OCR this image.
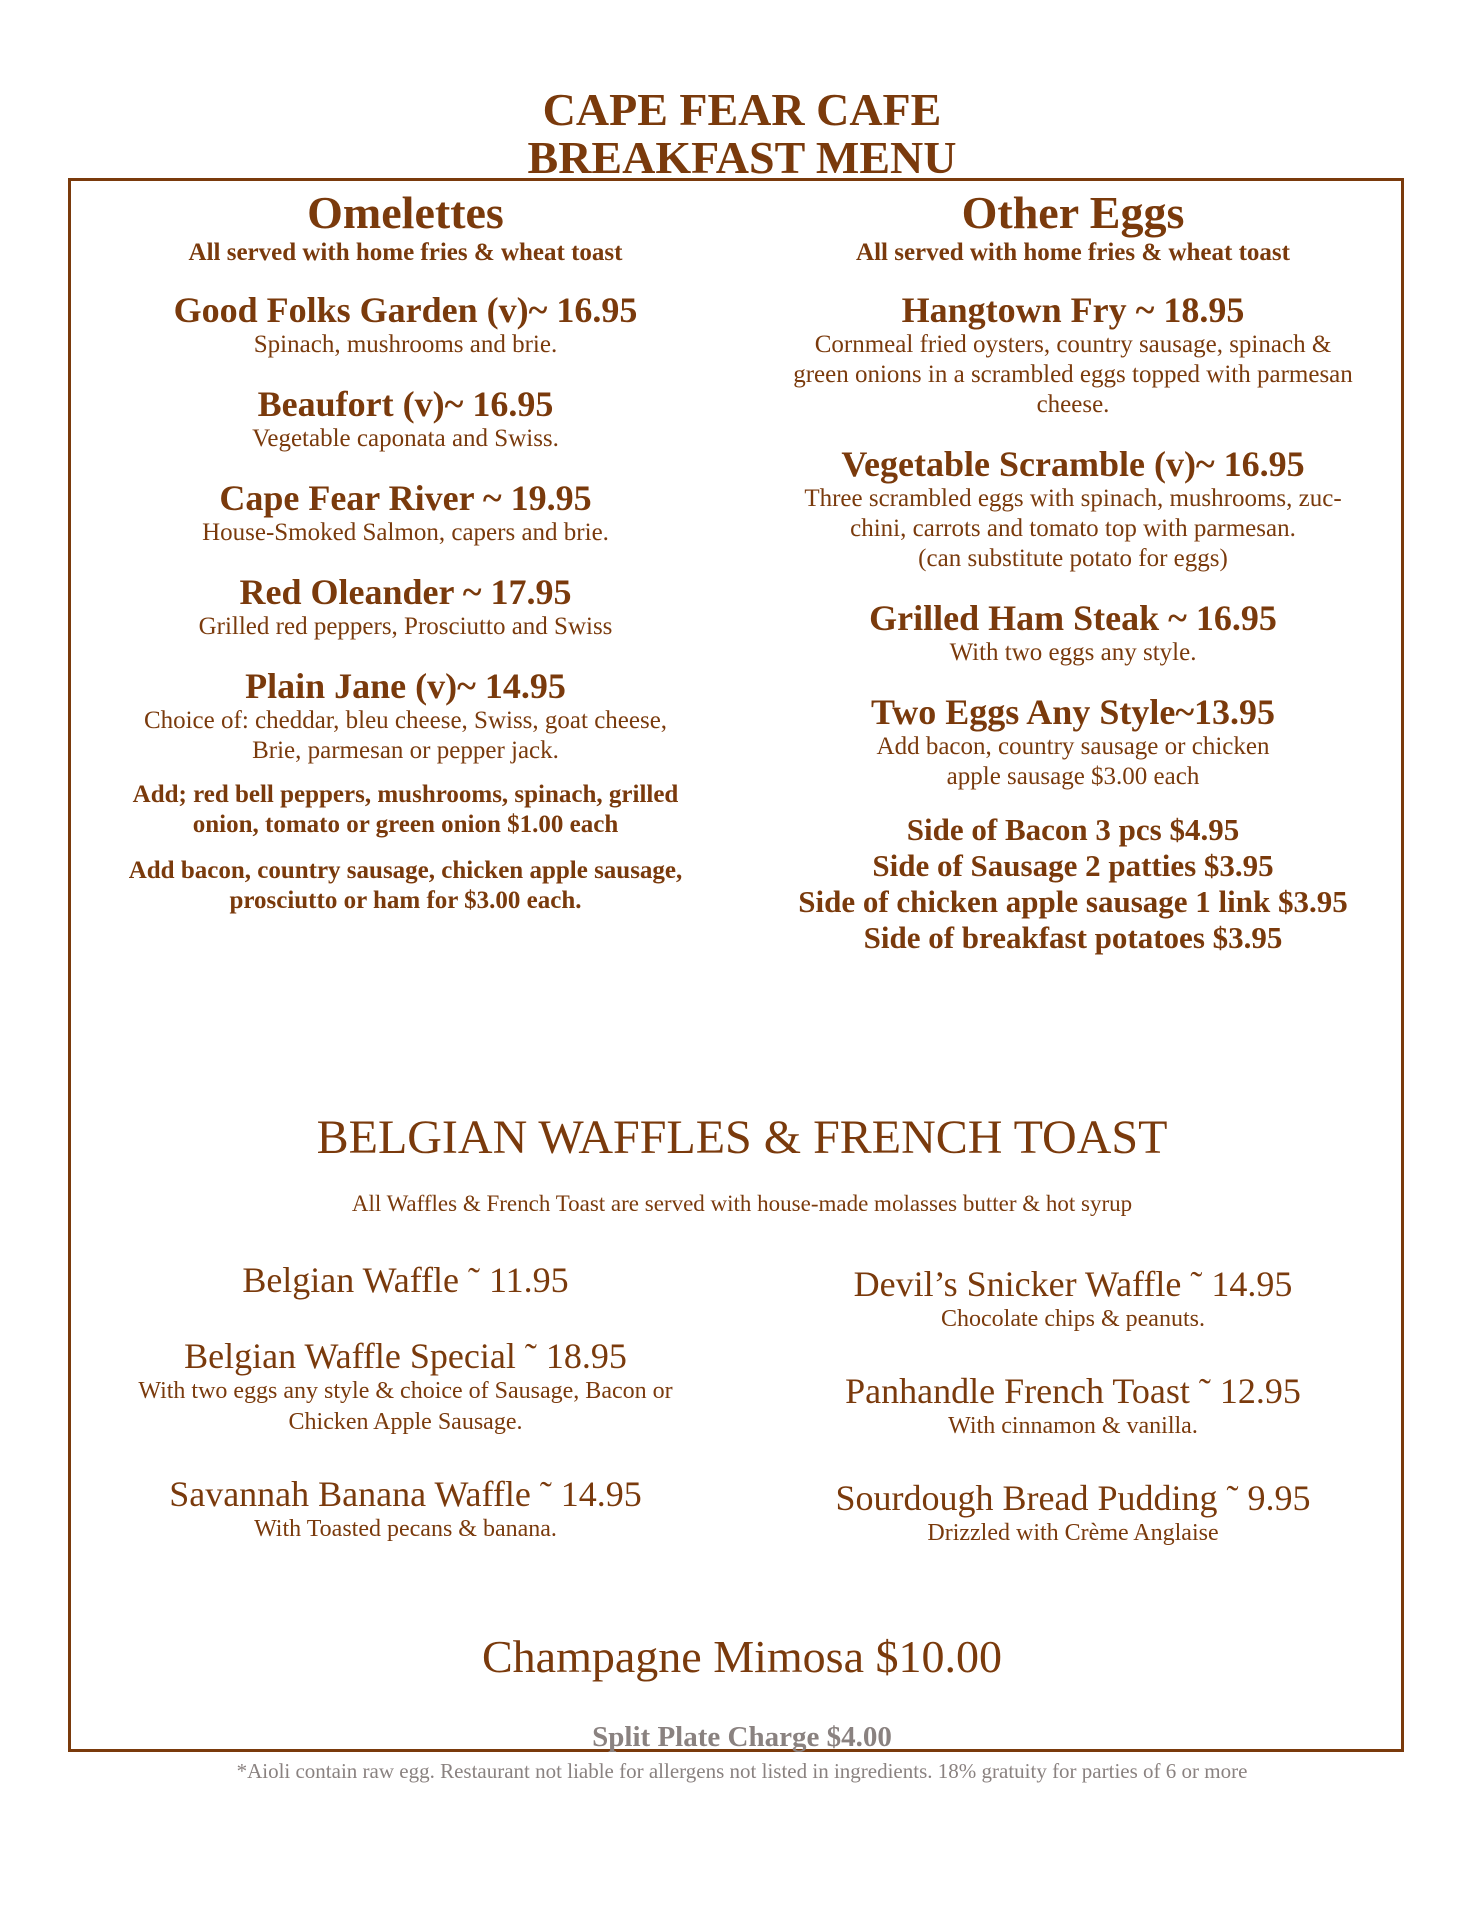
CAPE FEAR CAFE
BREAKFAST MENU
Omelettes
All served with home fries & wheat toast
Good Folks Garden (v)~ 16.95
Spinach, mushrooms and brie.
Beaufort (v)~ 16.95
Vegetable caponata and Swiss.
Cape Fear River ~ 19.95
House-Smoked Salmon, capers and brie.
Red Oleander ~ 17.95
Grilled red peppers, Prosciutto and Swiss
Plain Jane (v)~ 14.95
Choice of: cheddar, bleu cheese, Swiss, goat cheese,
Brie, parmesan or pepper jack.
Add; red bell peppers, mushrooms, spinach, grilled
onion, tomato or green onion $1.00 each
Add bacon, country sausage, chicken apple sausage,
prosciutto or ham for $3.00 each.
Other Eggs
All served with home fries & wheat toast
Hangtown Fry ~ 18.95
Cornmeal fried oysters, country sausage, spinach &
green onions in a scrambled eggs topped with parmesan
cheese.
Vegetable Scramble (v)~ 16.95
Three scrambled eggs with spinach, mushrooms, zuc-
chini, carrots and tomato top with parmesan.
(can substitute potato for eggs)
Grilled Ham Steak ~ 16.95
With two eggs any style.
Two Eggs Any Style~13.95
Add bacon, country sausage or chicken
apple sausage $3.00 each
Side of Bacon 3 pcs $4.95
Side of Sausage 2 patties $3.95
Side of chicken apple sausage 1 link $3.95
Side of breakfast potatoes $3.95
BELGIAN WAFFLES & FRENCH TOAST
All Waffles & French Toast are served with house-made molasses butter & hot syrup
Belgian Waffle ˜ 11.95
Belgian Waffle Special ˜ 18.95
With two eggs any style & choice of Sausage, Bacon or
Chicken Apple Sausage.
Savannah Banana Waffle ˜ 14.95
With Toasted pecans & banana.
Devil’s Snicker Waffle ˜ 14.95
Chocolate chips & peanuts.
Panhandle French Toast ˜ 12.95
With cinnamon & vanilla.
Sourdough Bread Pudding ˜ 9.95
Drizzled with Crème Anglaise
Champagne Mimosa $10.00
Split Plate Charge $4.00
*Aioli contain raw egg. Restaurant not liable for allergens not listed in ingredients. 18% gratuity for parties of 6 or more
